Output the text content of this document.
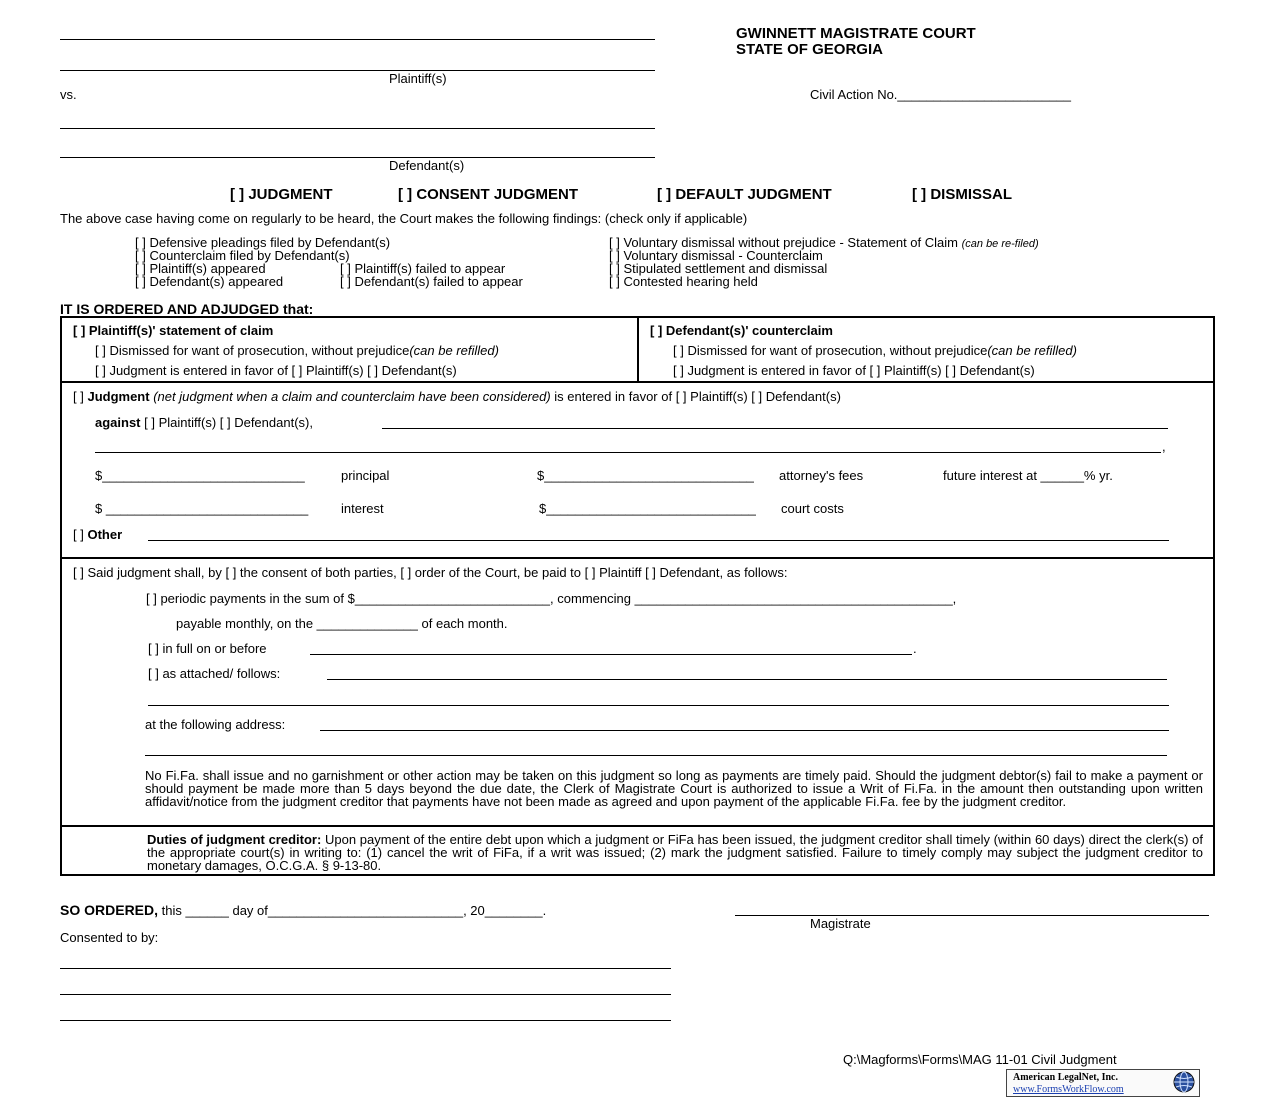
Plaintiff(s)
vs.
Defendant(s)
GWINNETT MAGISTRATE COURT
STATE OF GEORGIA
Civil Action No.________________________
[ ] JUDGMENT	[ ] CONSENT JUDGMENT	[ ] DEFAULT JUDGMENT	[ ] DISMISSAL
The above case having come on regularly to be heard, the Court makes the following findings: (check only if applicable)
[ ] Defensive pleadings filed by Defendant(s)
[ ] Counterclaim filed by Defendant(s)
[ ] Plaintiff(s) appeared
[ ] Defendant(s) appeared
[ ] Plaintiff(s) failed to appear
[ ] Defendant(s) failed to appear
[ ] Voluntary dismissal without prejudice - Statement of Claim (can be re-filed)
[ ] Voluntary dismissal - Counterclaim
[ ] Stipulated settlement and dismissal
[ ] Contested hearing held
IT IS ORDERED AND ADJUDGED that:
[ ] Plaintiff(s)' statement of claim
[ ] Dismissed for want of prosecution, without prejudice(can be refilled)
[ ] Judgment is entered in favor of [ ] Plaintiff(s) [ ] Defendant(s)
[ ] Defendant(s)' counterclaim
[ ] Dismissed for want of prosecution, without prejudice(can be refilled)
[ ] Judgment is entered in favor of [ ] Plaintiff(s) [ ] Defendant(s)
[ ] Judgment (net judgment when a claim and counterclaim have been considered) is entered in favor of [ ] Plaintiff(s) [ ] Defendant(s)
against [ ] Plaintiff(s) [ ] Defendant(s),
,
$____________________________	principal	$_____________________________ attorney's fees	future interest at ______% yr.
$ ____________________________	interest	$_____________________________ court costs
[ ] Other
[ ] Said judgment shall, by [ ] the consent of both parties, [ ] order of the Court, be paid to [ ] Plaintiff [ ] Defendant, as follows:
[ ] periodic payments in the sum of $___________________________, commencing ____________________________________________,
payable monthly, on the ______________ of each month.
[ ] in full on or before	.
[ ] as attached/ follows:
at the following address:
No Fi.Fa. shall issue and no garnishment or other action may be taken on this judgment so long as payments are timely paid. Should the judgment debtor(s) fail to make a payment or should payment be made more than 5 days beyond the due date, the Clerk of Magistrate Court is authorized to issue a Writ of Fi.Fa. in the amount then outstanding upon written affidavit/notice from the judgment creditor that payments have not been made as agreed and upon payment of the applicable Fi.Fa. fee by the judgment creditor.
Duties of judgment creditor: Upon payment of the entire debt upon which a judgment or FiFa has been issued, the judgment creditor shall timely (within 60 days) direct the clerk(s) of the appropriate court(s) in writing to: (1) cancel the writ of FiFa, if a writ was issued; (2) mark the judgment satisfied. Failure to timely comply may subject the judgment creditor to monetary damages, O.C.G.A. § 9-13-80.
SO ORDERED, this ______ day of___________________________, 20________.
Magistrate
Consented to by:
Q:\Magforms\Forms\MAG 11-01 Civil Judgment
American LegalNet, Inc.
www.FormsWorkFlow.com
